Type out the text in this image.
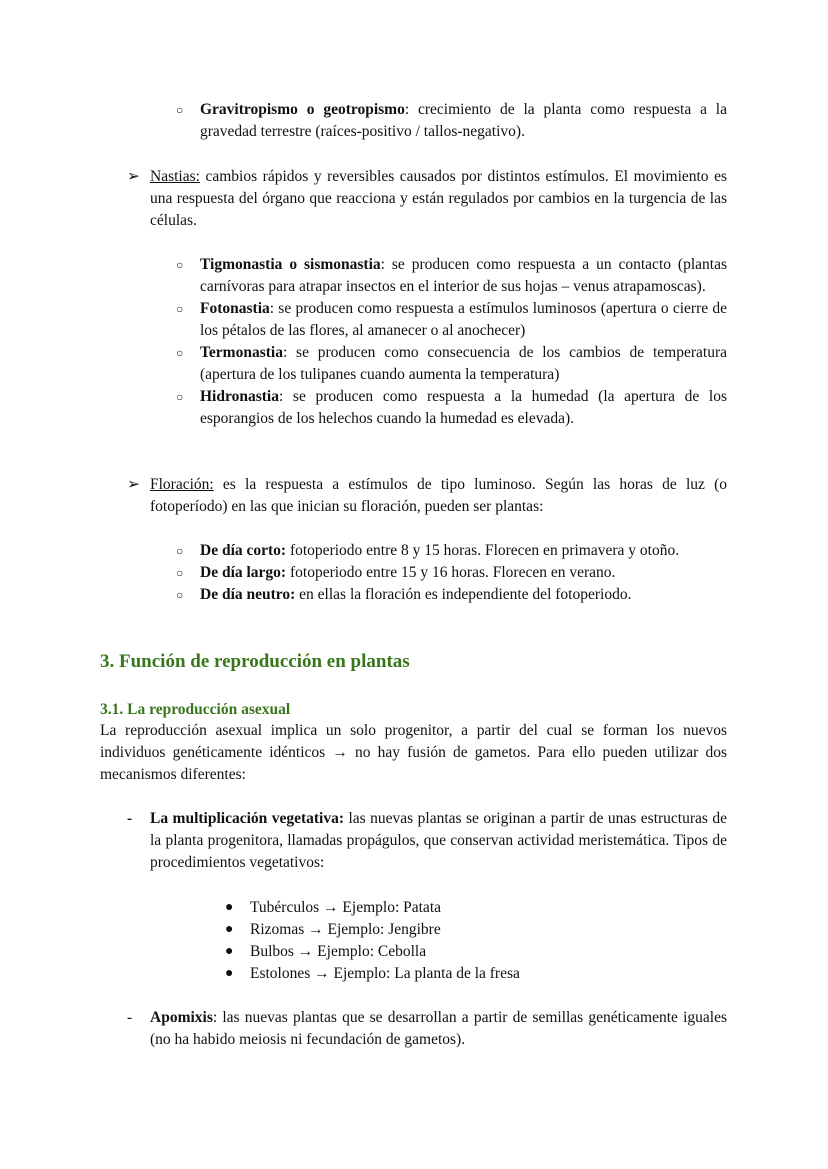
○ Gravitropismo o geotropismo: crecimiento de la planta como respuesta a la gravedad terrestre (raíces-positivo / tallos-negativo).
➢ Nastias: cambios rápidos y reversibles causados por distintos estímulos. El movimiento es una respuesta del órgano que reacciona y están regulados por cambios en la turgencia de las células.
○ Tigmonastia o sismonastia: se producen como respuesta a un contacto (plantas carnívoras para atrapar insectos en el interior de sus hojas – venus atrapamoscas).
○ Fotonastia: se producen como respuesta a estímulos luminosos (apertura o cierre de los pétalos de las flores, al amanecer o al anochecer)
○ Termonastia: se producen como consecuencia de los cambios de temperatura (apertura de los tulipanes cuando aumenta la temperatura)
○ Hidronastia: se producen como respuesta a la humedad (la apertura de los esporangios de los helechos cuando la humedad es elevada).
➢ Floración: es la respuesta a estímulos de tipo luminoso. Según las horas de luz (o fotoperíodo) en las que inician su floración, pueden ser plantas:
○ De día corto: fotoperiodo entre 8 y 15 horas. Florecen en primavera y otoño.
○ De día largo: fotoperiodo entre 15 y 16 horas. Florecen en verano.
○ De día neutro: en ellas la floración es independiente del fotoperiodo.
3. Función de reproducción en plantas
3.1. La reproducción asexual
La reproducción asexual implica un solo progenitor, a partir del cual se forman los nuevos individuos genéticamente idénticos → no hay fusión de gametos. Para ello pueden utilizar dos mecanismos diferentes:
- La multiplicación vegetativa: las nuevas plantas se originan a partir de unas estructuras de la planta progenitora, llamadas propágulos, que conservan actividad meristemática. Tipos de procedimientos vegetativos:
● Tubérculos → Ejemplo: Patata
● Rizomas → Ejemplo: Jengibre
● Bulbos → Ejemplo: Cebolla
● Estolones → Ejemplo: La planta de la fresa
- Apomixis: las nuevas plantas que se desarrollan a partir de semillas genéticamente iguales (no ha habido meiosis ni fecundación de gametos).
